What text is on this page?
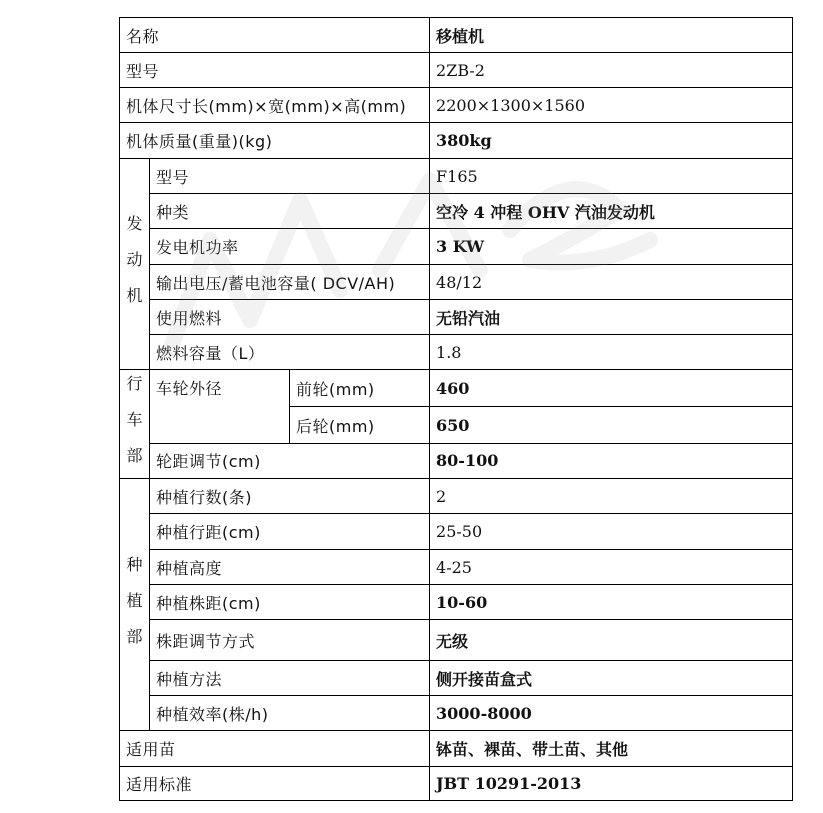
名称			移植机
型号			2ZB-2
机体尺寸长(mm)×宽(mm)×高(mm)			2200×1300×1560
机体质量(重量)(kg)			380kg

发
动
机	型号		F165
	种类		空冷 4 冲程 OHV 汽油发动机
	发电机功率		3 KW
	输出电压/蓄电池容量( DCV/AH)		48/12
	使用燃料		无铅汽油
	燃料容量（L）		1.8

行
车
部	车轮外径	前轮(mm)	460
		后轮(mm)	650
	轮距调节(cm)		80-100

种
植
部	种植行数(条)		2
	种植行距(cm)		25-50
	种植高度		4-25
	种植株距(cm)		10-60
	株距调节方式		无级
	种植方法		侧开接苗盒式
	种植效率(株/h)		3000-8000
适用苗			钵苗、裸苗、带土苗、其他
适用标准			JBT 10291-2013
